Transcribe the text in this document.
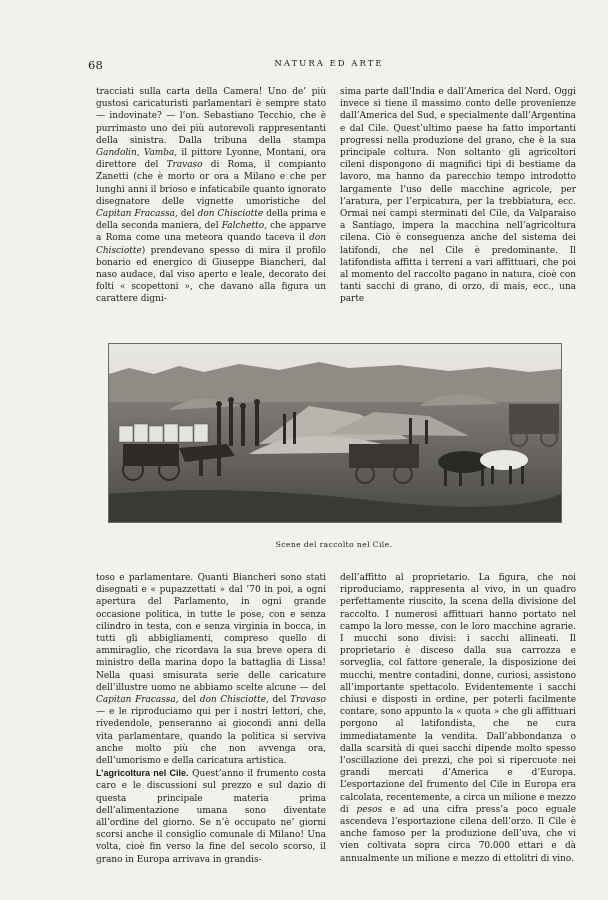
68	NATURA ED ARTE

tracciati sulla carta della Camera! Uno de’ più gustosi caricaturisti parlamentari è sempre stato — indovinate? — l’on. Sebastiano Tecchio, che è purrimasto uno dei più autorevoli rappresentanti della sinistra. Dalla tribuna della stampa Gandolin, Vamba, il pittore Lyonne, Montani, ora direttore del Travaso di Roma, il compianto Zanetti (che è morto or ora a Milano e che per lunghi anni il brioso e infaticabile quanto ignorato disegnatore delle vignette umoristiche del Capitan Fracassa, del don Chisciotte della prima e della seconda maniera, del Falchetto, che apparve a Roma come una meteora quando taceva il don Chisciotte) prendevano spesso di mira il profilo bonario ed energico di Giuseppe Biancheri, dal naso audace, dal viso aperto e leale, decorato dei folti « scopettoni », che davano alla figura un carattere digni-

sima parte dall’India e dall’America del Nord. Oggi invece si tiene il massimo conto delle provenienze dall’America del Sud, e specialmente dall’Argentina e dal Cile. Quest’ultimo paese ha fatto importanti progressi nella produzione del grano, che è la sua principale coltura. Non soltanto gli agricoltori cileni dispongono di magnifici tipi di bestiame da lavoro, ma hanno da parecchio tempo introdotto largamente l’uso delle macchine agricole, per l’aratura, per l’erpicatura, per la trebbiatura, ecc. Ormai nei campi sterminati del Cile, da Valparaiso a Santiago, impera la macchina nell’agricoltura cilena. Ciò è conseguenza anche del sistema dei latifondi, che nel Cile è predominante. Il latifondista affitta i terreni a vari affittuari, che poi al momento del raccolto pagano in natura, cioè con tanti sacchi di grano, di orzo, di mais, ecc., una parte

Scene del raccolto nel Cile.

toso e parlamentare. Quanti Biancheri sono stati disegnati e « pupazzettati » dal ’70 in poi, a ogni apertura del Parlamento, in ogni grande occasione politica, in tutte le pose, con e senza cilindro in testa, con e senza virginia in bocca, in tutti gli abbigliamenti, compreso quello di ammiraglio, che ricordava la sua breve opera di ministro della marina dopo la battaglia di Lissa! Nella quasi smisurata serie delle caricature dell’illustre uomo ne abbiamo scelte alcune — del Capitan Fracassa, del don Chisciotte, del Travaso — e le riproduciamo qui per i nostri lettori, che, rivedendole, penseranno ai giocondi anni della vita parlamentare, quando la politica si serviva anche molto più che non avvenga ora, dell’umorismo e della caricatura artistica.

L’agricoltura nel Cile. Quest’anno il frumento costa caro e le discussioni sul prezzo e sul dazio di questa principale materia prima dell’alimentazione umana sono diventate all’ordine del giorno. Se n’è occupato ne’ giorni scorsi anche il consiglio comunale di Milano! Una volta, cioè fin verso la fine del secolo scorso, il grano in Europa arrivava in grandis-

dell’affitto al proprietario. La figura, che noi riproduciamo, rappresenta al vivo, in un quadro perfettamente riuscito, la scena della divisione del raccolto. I numerosi affittuari hanno portato nel campo la loro messe, con le loro macchine agrarie. I mucchi sono divisi: i sacchi allineati. Il proprietario è disceso dalla sua carrozza e sorveglia, col fattore generale, la disposizione dei mucchi, mentre contadini, donne, curiosi, assistono all’importante spettacolo. Evidentemente i sacchi chiusi e disposti in ordine, per poterli facilmente contare, sono appunto la « quota » che gli affittuari porgono al latifondista, che ne cura immediatamente la vendita. Dall’abbondanza o dalla scarsità di quei sacchi dipende molto spesso l’oscillazione dei prezzi, che poi si ripercuote nei grandi mercati d’America e d’Europa. L’esportazione del frumento del Cile in Europa era calcolata, recentemente, a circa un milione e mezzo di pesos e ad una cifra press’a poco eguale ascendeva l’esportazione cilena dell’orzo. Il Cile è anche famoso per la produzione dell’uva, che vi vien coltivata sopra circa 70.000 ettari e dà annualmente un milione e mezzo di ettolitri di vino.
